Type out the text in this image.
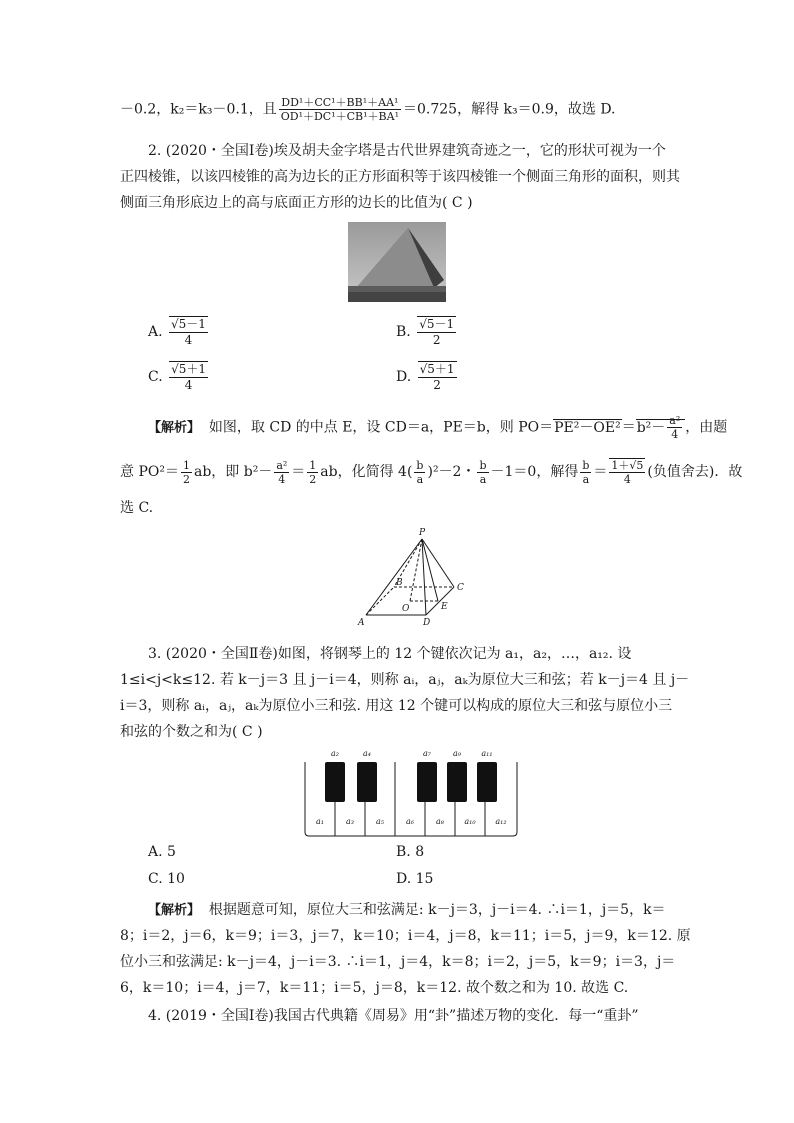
－0.2，k₂＝k₃－0.1，且 $\frac{\text{DD¹＋CC¹＋BB¹＋AA¹}}{\text{OD¹＋DC¹＋CB¹＋BA¹}} =0.725$，解得 k₃＝0.9，故选 D.
2. (2020・全国Ⅰ卷)埃及胡夫金字塔是古代世界建筑奇迹之一，它的形状可视为一个
正四棱锥，以该四棱锥的高为边长的正方形面积等于该四棱锥一个侧面三角形的面积，则其
侧面三角形底边上的高与底面正方形的边长的比值为( C )
A. $\frac{√5-1}{4}$	B. $\frac{√5-1}{2}$
C. $\frac{√5+1}{4}$	D. $\frac{√5+1}{2}$
【解析】 如图，取 CD 的中点 E，设 CD＝a，PE＝b，则 $PO=PE^2-OE^2=b^2- \frac{\text{a²}}{4}$ ，由题
意 $PO^2= \frac{1}{2}$ ab，即 $b^2- \frac{\text{a²}}{4} = \frac{1}{2}$ ab，化简得 $4( \frac{b}{a} )^2-2$・ $\frac{b}{a} -1=0$，解得 $\frac{b}{a} = \frac{1+√5}{4}$ (负值舍去)．故
选 C.
P
B	C
O	E
A	D
3. (2020・全国Ⅱ卷)如图，将钢琴上的 12 个键依次记为 a₁，a₂，…，a₁₂. 设
1≤i<j<k≤12. 若 k－j＝3 且 j－i＝4，则称 aᵢ，aⱼ，aₖ为原位大三和弦；若 k－j＝4 且 j－
i＝3，则称 aᵢ，aⱼ，aₖ为原位小三和弦. 用这 12 个键可以构成的原位大三和弦与原位小三
和弦的个数之和为( C )
a₂	a₄	a₇	a₉	a₁₁
a₁	a₃	a₅	a₆	a₈	a₁₀ a₁₂
A. 5	B. 8
C. 10	D. 15
【解析】 根据题意可知，原位大三和弦满足: k－j＝3，j－i＝4. ∴i＝1，j＝5，k＝
8；i＝2，j＝6，k＝9；i＝3，j＝7，k＝10；i＝4，j＝8，k＝11；i＝5，j＝9，k＝12. 原
位小三和弦满足: k－j＝4，j－i＝3. ∴i＝1，j＝4，k＝8；i＝2，j＝5，k＝9；i＝3，j＝
6，k＝10；i＝4，j＝7，k＝11；i＝5，j＝8，k＝12. 故个数之和为 10. 故选 C.
4. (2019・全国Ⅰ卷)我国古代典籍《周易》用“卦”描述万物的变化．每一“重卦”
